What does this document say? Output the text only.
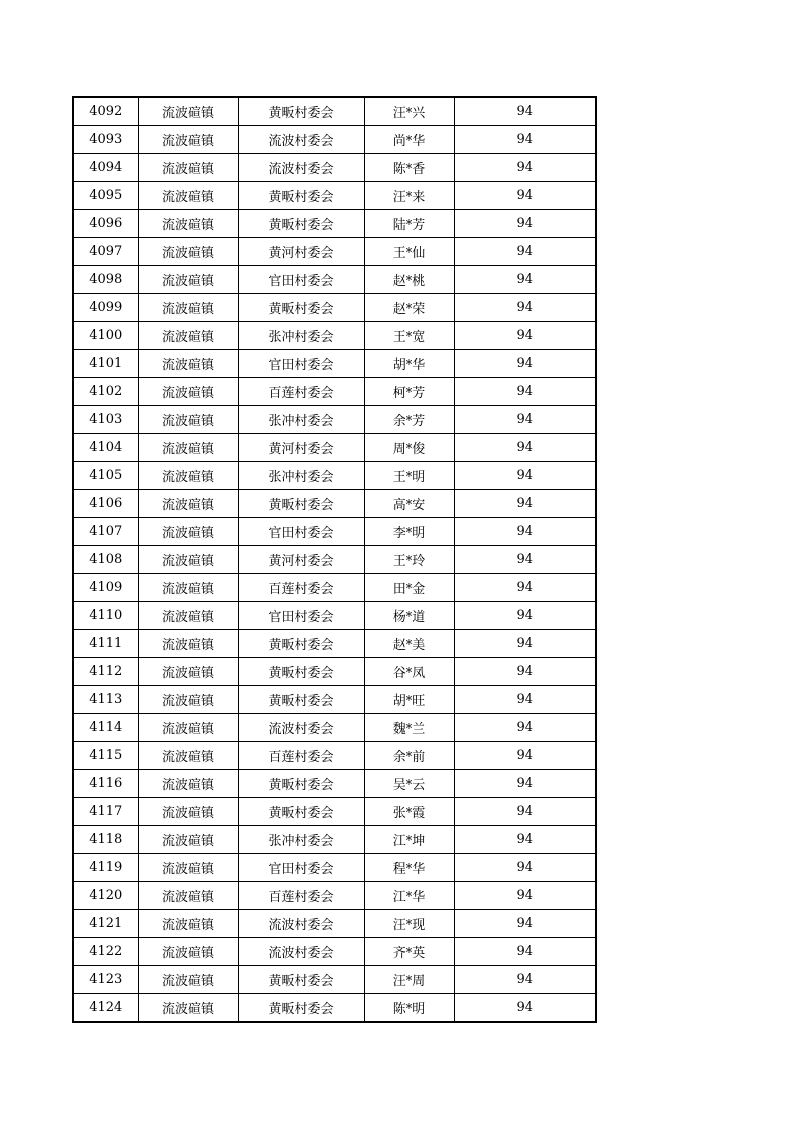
4092	流波碹镇	黄畈村委会	汪*兴	94
4093	流波碹镇	流波村委会	尚*华	94
4094	流波碹镇	流波村委会	陈*香	94
4095	流波碹镇	黄畈村委会	汪*来	94
4096	流波碹镇	黄畈村委会	陆*芳	94
4097	流波碹镇	黄河村委会	王*仙	94
4098	流波碹镇	官田村委会	赵*桃	94
4099	流波碹镇	黄畈村委会	赵*荣	94
4100	流波碹镇	张冲村委会	王*宽	94
4101	流波碹镇	官田村委会	胡*华	94
4102	流波碹镇	百莲村委会	柯*芳	94
4103	流波碹镇	张冲村委会	余*芳	94
4104	流波碹镇	黄河村委会	周*俊	94
4105	流波碹镇	张冲村委会	王*明	94
4106	流波碹镇	黄畈村委会	高*安	94
4107	流波碹镇	官田村委会	李*明	94
4108	流波碹镇	黄河村委会	王*玲	94
4109	流波碹镇	百莲村委会	田*金	94
4110	流波碹镇	官田村委会	杨*道	94
4111	流波碹镇	黄畈村委会	赵*美	94
4112	流波碹镇	黄畈村委会	谷*凤	94
4113	流波碹镇	黄畈村委会	胡*旺	94
4114	流波碹镇	流波村委会	魏*兰	94
4115	流波碹镇	百莲村委会	余*前	94
4116	流波碹镇	黄畈村委会	吴*云	94
4117	流波碹镇	黄畈村委会	张*霞	94
4118	流波碹镇	张冲村委会	江*坤	94
4119	流波碹镇	官田村委会	程*华	94
4120	流波碹镇	百莲村委会	江*华	94
4121	流波碹镇	流波村委会	汪*现	94
4122	流波碹镇	流波村委会	齐*英	94
4123	流波碹镇	黄畈村委会	汪*周	94
4124	流波碹镇	黄畈村委会	陈*明	94
